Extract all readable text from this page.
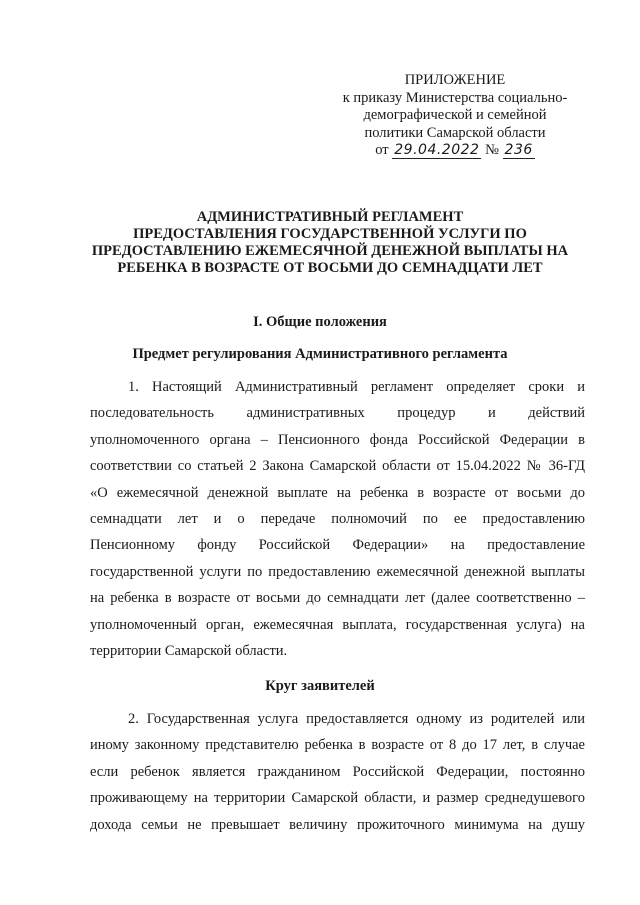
ПРИЛОЖЕНИЕ
к приказу Министерства социально-
демографической и семейной
политики Самарской области
от 29.04.2022 № 236
АДМИНИСТРАТИВНЫЙ РЕГЛАМЕНТ
ПРЕДОСТАВЛЕНИЯ ГОСУДАРСТВЕННОЙ УСЛУГИ ПО
ПРЕДОСТАВЛЕНИЮ ЕЖЕМЕСЯЧНОЙ ДЕНЕЖНОЙ ВЫПЛАТЫ НА
РЕБЕНКА В ВОЗРАСТЕ ОТ ВОСЬМИ ДО СЕМНАДЦАТИ ЛЕТ
I. Общие положения
Предмет регулирования Административного регламента
1. Настоящий Административный регламент определяет сроки и
последовательность административных процедур и действий
уполномоченного органа – Пенсионного фонда Российской Федерации в
соответствии со статьей 2 Закона Самарской области от 15.04.2022 № 36-ГД
«О ежемесячной денежной выплате на ребенка в возрасте от восьми до
семнадцати лет и о передаче полномочий по ее предоставлению
Пенсионному фонду Российской Федерации» на предоставление
государственной услуги по предоставлению ежемесячной денежной выплаты
на ребенка в возрасте от восьми до семнадцати лет (далее соответственно –
уполномоченный орган, ежемесячная выплата, государственная услуга) на
территории Самарской области.
Круг заявителей
2. Государственная услуга предоставляется одному из родителей или
иному законному представителю ребенка в возрасте от 8 до 17 лет, в случае
если ребенок является гражданином Российской Федерации, постоянно
проживающему на территории Самарской области, и размер среднедушевого
дохода семьи не превышает величину прожиточного минимума на душу
